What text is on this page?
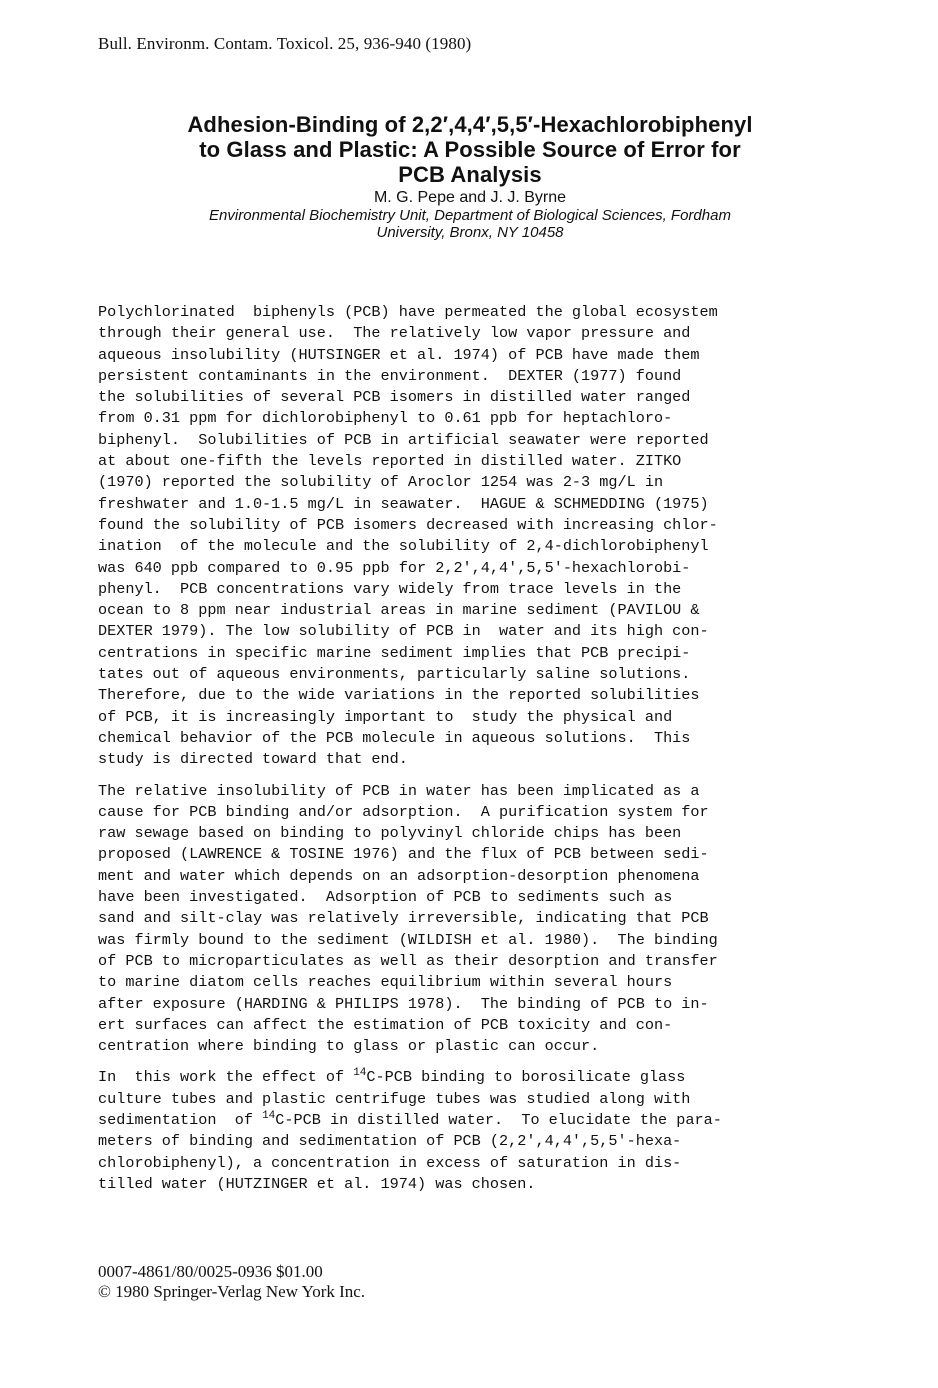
Bull. Environm. Contam. Toxicol. 25, 936-940 (1980)
Adhesion-Binding of 2,2′,4,4′,5,5′-Hexachlorobiphenyl
to Glass and Plastic: A Possible Source of Error for
PCB Analysis
M. G. Pepe and J. J. Byrne
Environmental Biochemistry Unit, Department of Biological Sciences, Fordham
University, Bronx, NY 10458
Polychlorinated  biphenyls (PCB) have permeated the global ecosystem
through their general use.  The relatively low vapor pressure and
aqueous insolubility (HUTSINGER et al. 1974) of PCB have made them
persistent contaminants in the environment.  DEXTER (1977) found
the solubilities of several PCB isomers in distilled water ranged
from 0.31 ppm for dichlorobiphenyl to 0.61 ppb for heptachloro-
biphenyl.  Solubilities of PCB in artificial seawater were reported
at about one-fifth the levels reported in distilled water. ZITKO
(1970) reported the solubility of Aroclor 1254 was 2-3 mg/L in
freshwater and 1.0-1.5 mg/L in seawater.  HAGUE & SCHMEDDING (1975)
found the solubility of PCB isomers decreased with increasing chlor-
ination  of the molecule and the solubility of 2,4-dichlorobiphenyl
was 640 ppb compared to 0.95 ppb for 2,2',4,4',5,5'-hexachlorobi-
phenyl.  PCB concentrations vary widely from trace levels in the
ocean to 8 ppm near industrial areas in marine sediment (PAVILOU &
DEXTER 1979). The low solubility of PCB in  water and its high con-
centrations in specific marine sediment implies that PCB precipi-
tates out of aqueous environments, particularly saline solutions.
Therefore, due to the wide variations in the reported solubilities
of PCB, it is increasingly important to  study the physical and
chemical behavior of the PCB molecule in aqueous solutions.  This
study is directed toward that end.
The relative insolubility of PCB in water has been implicated as a
cause for PCB binding and/or adsorption.  A purification system for
raw sewage based on binding to polyvinyl chloride chips has been
proposed (LAWRENCE & TOSINE 1976) and the flux of PCB between sedi-
ment and water which depends on an adsorption-desorption phenomena
have been investigated.  Adsorption of PCB to sediments such as
sand and silt-clay was relatively irreversible, indicating that PCB
was firmly bound to the sediment (WILDISH et al. 1980).  The binding
of PCB to microparticulates as well as their desorption and transfer
to marine diatom cells reaches equilibrium within several hours
after exposure (HARDING & PHILIPS 1978).  The binding of PCB to in-
ert surfaces can affect the estimation of PCB toxicity and con-
centration where binding to glass or plastic can occur.
In  this work the effect of $^{14}$C-PCB binding to borosilicate glass
culture tubes and plastic centrifuge tubes was studied along with
sedimentation  of $^{14}$C-PCB in distilled water.  To elucidate the para-
meters of binding and sedimentation of PCB (2,2',4,4',5,5'-hexa-
chlorobiphenyl), a concentration in excess of saturation in dis-
tilled water (HUTZINGER et al. 1974) was chosen.
0007-4861/80/0025-0936 $01.00
© 1980 Springer-Verlag New York Inc.
